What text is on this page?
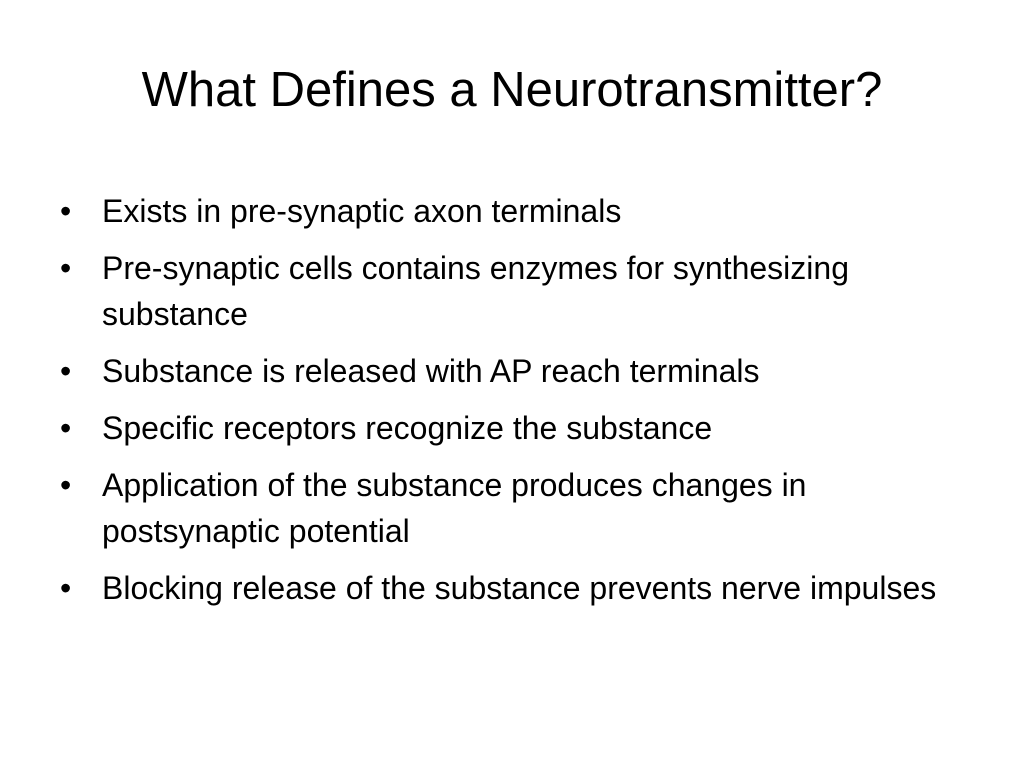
What Defines a Neurotransmitter?
• Exists in pre-synaptic axon terminals
• Pre-synaptic cells contains enzymes for synthesizing substance
• Substance is released with AP reach terminals
• Specific receptors recognize the substance
• Application of the substance produces changes in postsynaptic potential
• Blocking release of the substance prevents nerve impulses
